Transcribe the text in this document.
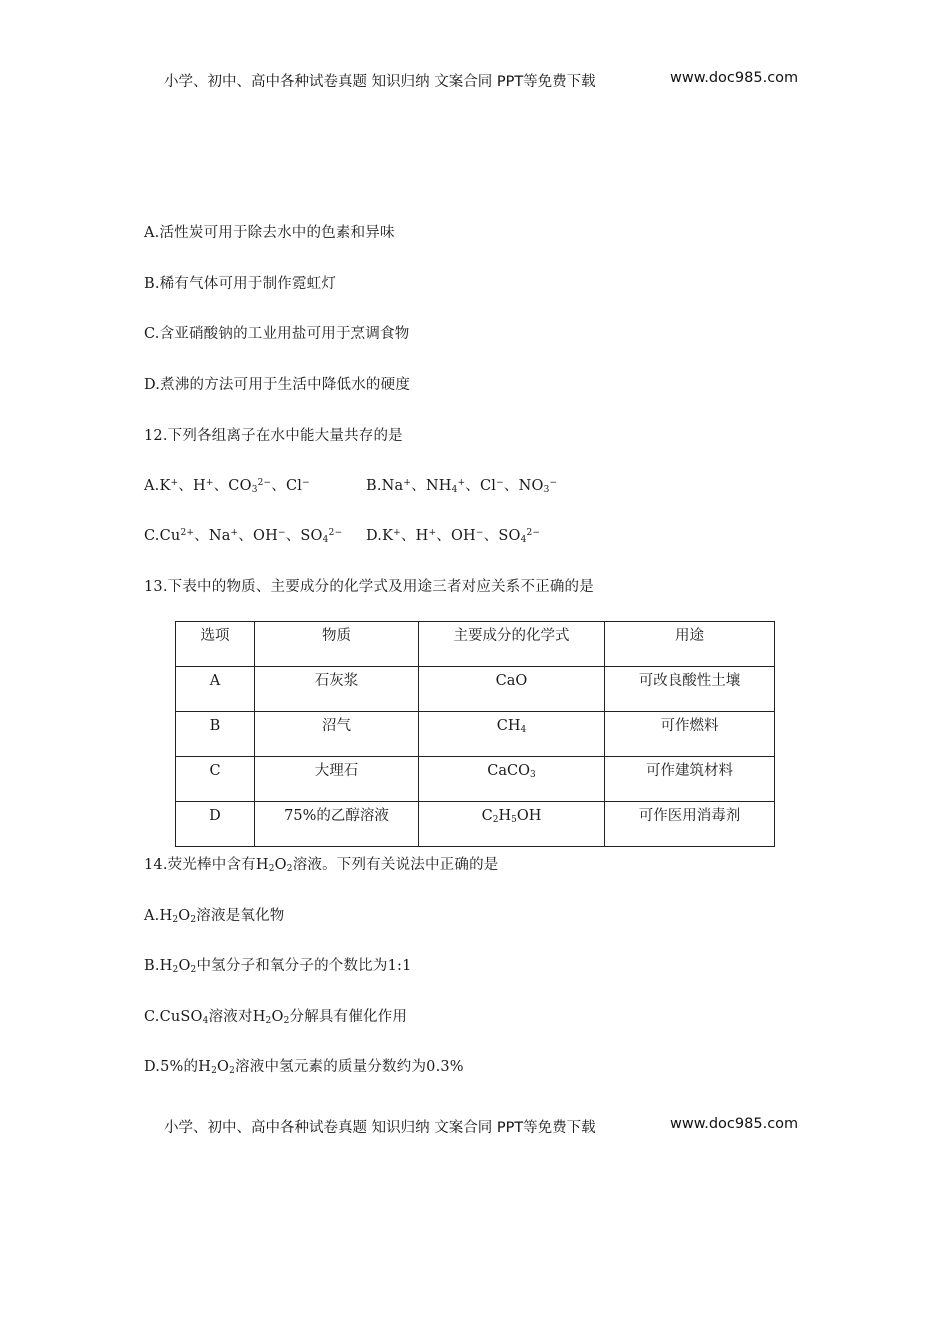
小学、初中、高中各种试卷真题 知识归纳 文案合同 PPT等免费下载	www.doc985.com
A.活性炭可用于除去水中的色素和异味
B.稀有气体可用于制作霓虹灯
C.含亚硝酸钠的工业用盐可用于烹调食物
D.煮沸的方法可用于生活中降低水的硬度
12.下列各组离子在水中能大量共存的是
A.K+、H+、$CO_3^{2-}$、Cl−	B.Na+、$NH_4^+$、Cl−、$NO_3^-$
$C.Cu^{2+}$、Na+、OH−、$SO_4^{2-}$ D.K+、H+、OH−、$SO_4^{2-}$
13.下表中的物质、主要成分的化学式及用途三者对应关系不正确的是
选项	物质	主要成分的化学式	用途
A	石灰浆	CaO	可改良酸性土壤
B	沼气	$CH_4$	可作燃料
C	大理石	CaCO$_3$	可作建筑材料
D	75%的乙醇溶液	$C_2H_5OH$	可作医用消毒剂
14.荧光棒中含有$H_2O_2$溶液。下列有关说法中正确的是
$A.H_2O_2$溶液是氧化物
$B.H_2O_2$中氢分子和氧分子的个数比为1:1
C.CuSO$_4$溶液对$H_2O_2$分解具有催化作用
D.5%的$H_2O_2$溶液中氢元素的质量分数约为0.3%
小学、初中、高中各种试卷真题 知识归纳 文案合同 PPT等免费下载	www.doc985.com
